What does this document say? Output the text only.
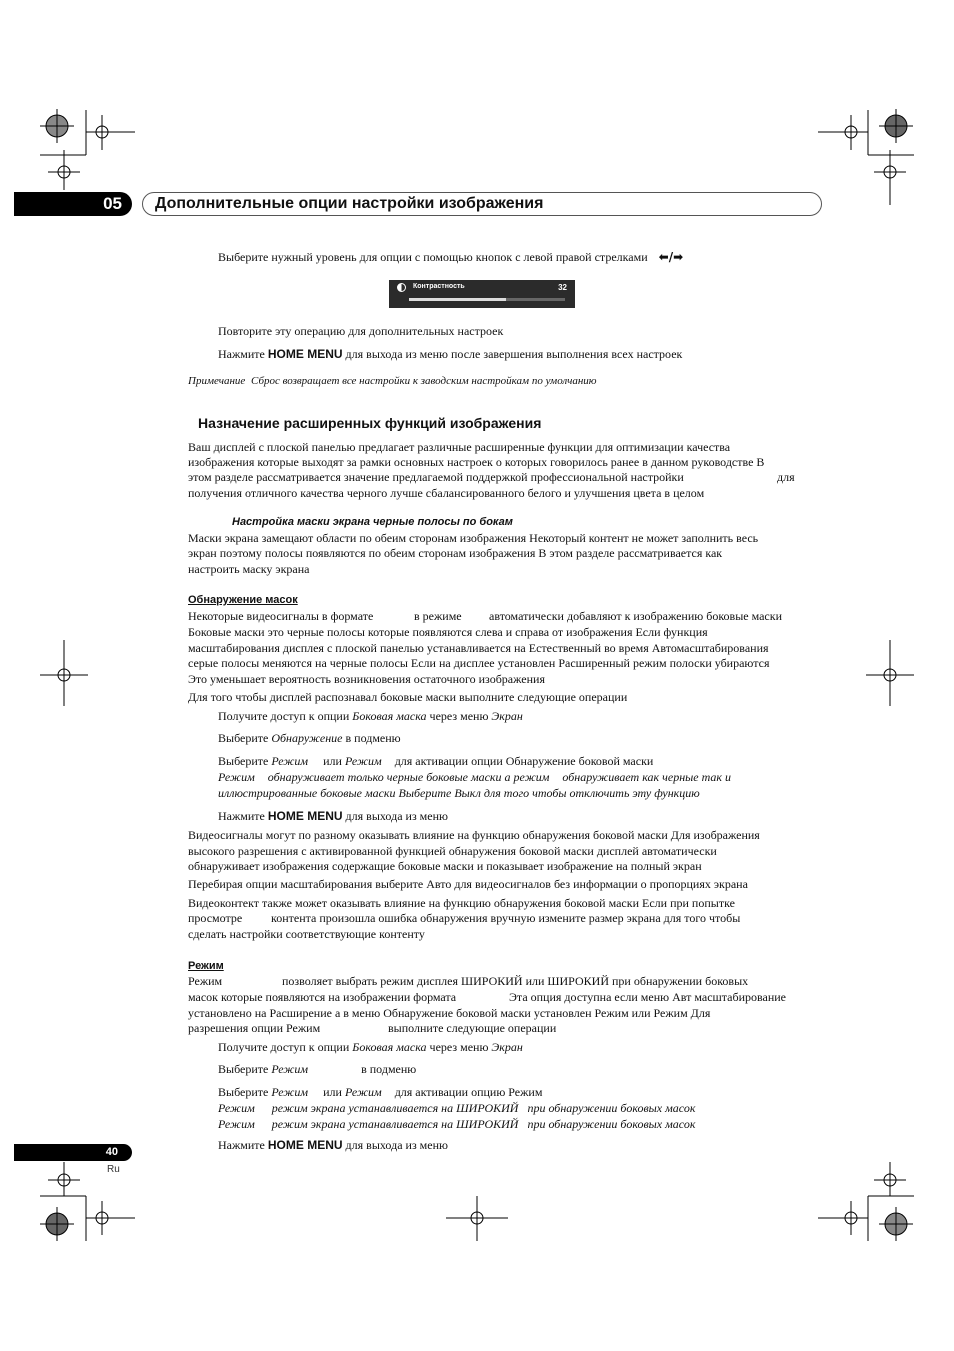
05	Дополнительные опции настройки изображения
Выберите нужный уровень для опции с помощью кнопок с левой правой стрелками ⬅/➡
Контрастность	32
Повторите эту операцию для дополнительных настроек
Нажмите HOME MENU для выхода из меню после завершения выполнения всех настроек
Примечание Сброс возвращает все настройки к заводским настройкам по умолчанию
Назначение расширенных функций изображения
Ваш дисплей с плоской панелью предлагает различные расширенные функции для оптимизации качества
изображения которые выходят за рамки основных настроек о которых говорилось ранее в данном руководстве В
этом разделе рассматривается значение предлагаемой поддержкой профессиональной настройки	для
получения отличного качества черного лучше сбалансированного белого и улучшения цвета в целом
Настройка маски экрана черные полосы по бокам
Маски экрана замещают области по обеим сторонам изображения Некоторый контент не может заполнить весь
экран поэтому полосы появляются по обеим сторонам изображения В этом разделе рассматривается как
настроить маску экрана
Обнаружение масок
Некоторые видеосигналы в формате	в режиме автоматически добавляют к изображению боковые маски
Боковые маски это черные полосы которые появляются слева и справа от изображения Если функция
масштабирования дисплея с плоской панелью устанавливается на Естественный во время Автомасштабирования
серые полосы меняются на черные полосы Если на дисплее установлен Расширенный режим полоски убираются
Это уменьшает вероятность возникновения остаточного изображения
Для того чтобы дисплей распознавал боковые маски выполните следующие операции
Получите доступ к опции Боковая маска через меню Экран
Выберите Обнаружение в подменю
Выберите Режим или Режим для активации опции Обнаружение боковой маски
Режим обнаруживает только черные боковые маски а режим обнаруживает как черные так и
иллюстрированные боковые маски Выберите Выкл для того чтобы отключить эту функцию
Нажмите HOME MENU для выхода из меню
Видеосигналы могут по разному оказывать влияние на функцию обнаружения боковой маски Для изображения
высокого разрешения с активированной функцией обнаружения боковой маски дисплей автоматически
обнаруживает изображения содержащие боковые маски и показывает изображение на полный экран
Перебирая опции масштабирования выберите Авто для видеосигналов без информации о пропорциях экрана
Видеоконтект также может оказывать влияние на функцию обнаружения боковой маски Если при попытке
просмотре контента произошла ошибка обнаружения вручную измените размер экрана для того чтобы
сделать настройки соответствующие контенту
Режим
Режим	позволяет выбрать режим дисплея ШИРОКИЙ или ШИРОКИЙ при обнаружении боковых
масок которые появляются на изображении формата	Эта опция доступна если меню Авт масштабирование
установлено на Расширение а в меню Обнаружение боковой маски установлен Режим или Режим Для
разрешения опции Режим	выполните следующие операции
Получите доступ к опции Боковая маска через меню Экран
Выберите Режим	в подменю
Выберите Режим или Режим для активации опцию Режим
Режим режим экрана устанавливается на ШИРОКИЙ при обнаружении боковых масок
Режим режим экрана устанавливается на ШИРОКИЙ при обнаружении боковых масок
Нажмите HOME MENU для выхода из меню
40
Ru
